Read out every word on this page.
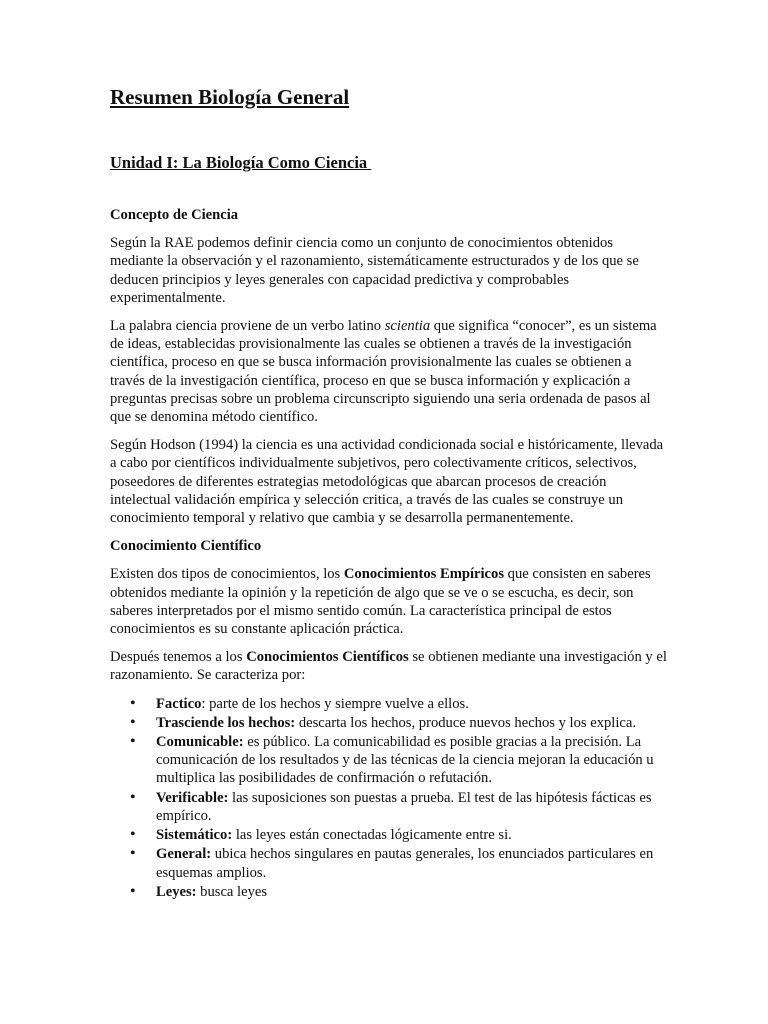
Resumen Biología General
Unidad I: La Biología Como Ciencia
Concepto de Ciencia

Según la RAE podemos definir ciencia como un conjunto de conocimientos obtenidos mediante la observación y el razonamiento, sistemáticamente estructurados y de los que se deducen principios y leyes generales con capacidad predictiva y comprobables experimentalmente.

La palabra ciencia proviene de un verbo latino scientia que significa “conocer”, es un sistema de ideas, establecidas provisionalmente las cuales se obtienen a través de la investigación científica, proceso en que se busca información provisionalmente las cuales se obtienen a través de la investigación científica, proceso en que se busca información y explicación a preguntas precisas sobre un problema circunscripto siguiendo una seria ordenada de pasos al que se denomina método científico.

Según Hodson (1994) la ciencia es una actividad condicionada social e históricamente, llevada a cabo por científicos individualmente subjetivos, pero colectivamente críticos, selectivos, poseedores de diferentes estrategias metodológicas que abarcan procesos de creación intelectual validación empírica y selección critica, a través de las cuales se construye un conocimiento temporal y relativo que cambia y se desarrolla permanentemente.

Conocimiento Científico

Existen dos tipos de conocimientos, los Conocimientos Empíricos que consisten en saberes obtenidos mediante la opinión y la repetición de algo que se ve o se escucha, es decir, son saberes interpretados por el mismo sentido común. La característica principal de estos conocimientos es su constante aplicación práctica.

Después tenemos a los Conocimientos Científicos se obtienen mediante una investigación y el razonamiento. Se caracteriza por:

• Factico: parte de los hechos y siempre vuelve a ellos.
• Trasciende los hechos: descarta los hechos, produce nuevos hechos y los explica.
• Comunicable: es público. La comunicabilidad es posible gracias a la precisión. La comunicación de los resultados y de las técnicas de la ciencia mejoran la educación u multiplica las posibilidades de confirmación o refutación.
• Verificable: las suposiciones son puestas a prueba. El test de las hipótesis fácticas es empírico.
• Sistemático: las leyes están conectadas lógicamente entre si.
• General: ubica hechos singulares en pautas generales, los enunciados particulares en esquemas amplios.
• Leyes: busca leyes
